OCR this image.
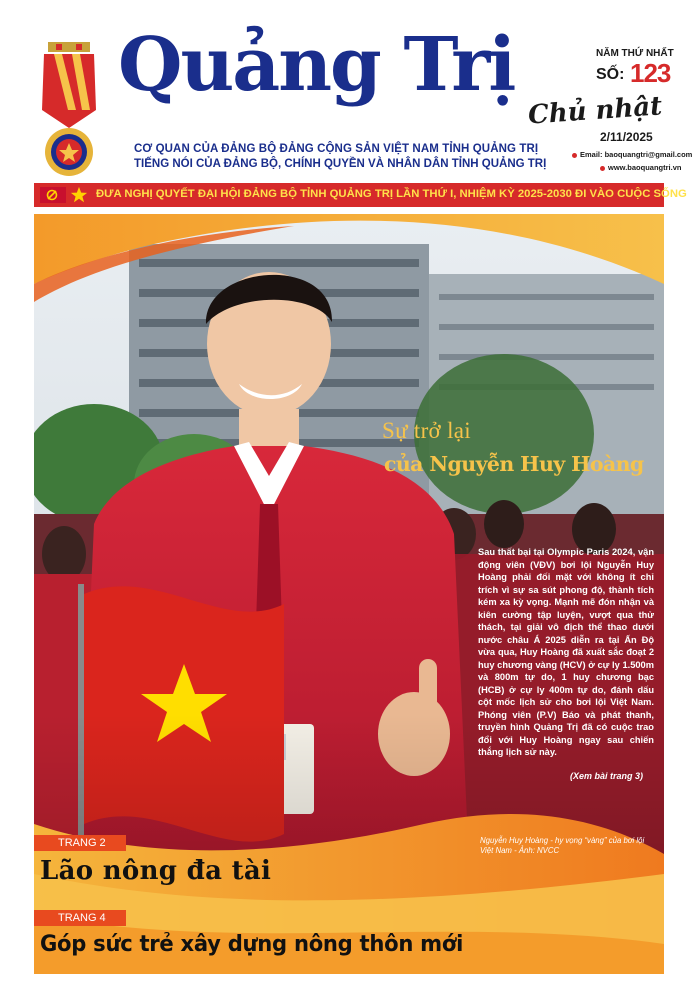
Quảng Trị
CƠ QUAN CỦA ĐẢNG BỘ ĐẢNG CỘNG SẢN VIỆT NAM TỈNH QUẢNG TRỊ
TIẾNG NÓI CỦA ĐẢNG BỘ, CHÍNH QUYỀN VÀ NHÂN DÂN TỈNH QUẢNG TRỊ
NĂM THỨ NHẤT
SỐ: 123
Chủ nhật
2/11/2025
Email: baoquangtri@gmail.com
www.baoquangtri.vn
ĐƯA NGHỊ QUYẾT ĐẠI HỘI ĐẢNG BỘ TỈNH QUẢNG TRỊ LẦN THỨ I, NHIỆM KỲ 2025-2030 ĐI VÀO CUỘC SỐNG
Sự trở lại
của Nguyễn Huy Hoàng
Sau thất bại tại Olympic Paris 2024, vận động viên (VĐV) bơi lội Nguyễn Huy Hoàng phải đối mặt với không ít chỉ trích vì sự sa sút phong độ, thành tích kém xa kỳ vọng. Mạnh mẽ đón nhận và kiên cường tập luyện, vượt qua thử thách, tại giải vô địch thể thao dưới nước châu Á 2025 diễn ra tại Ấn Độ vừa qua, Huy Hoàng đã xuất sắc đoạt 2 huy chương vàng (HCV) ở cự ly 1.500m và 800m tự do, 1 huy chương bạc (HCB) ở cự ly 400m tự do, đánh dấu cột mốc lịch sử cho bơi lội Việt Nam. Phóng viên (P.V) Báo và phát thanh, truyền hình Quảng Trị đã có cuộc trao đổi với Huy Hoàng ngay sau chiến thắng lịch sử này.
(Xem bài trang 3)
Nguyễn Huy Hoàng - hy vọng “vàng” của bơi lội Việt Nam - Ảnh: NVCC
TRANG 2
Lão nông đa tài
TRANG 4
Góp sức trẻ xây dựng nông thôn mới
